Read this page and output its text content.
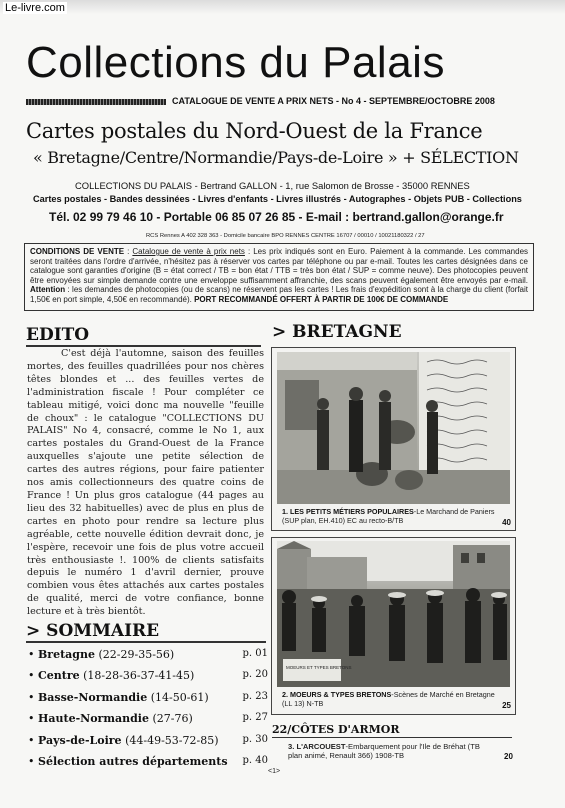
Le-livre.com
Collections du Palais
CATALOGUE DE VENTE A PRIX NETS - No 4 - SEPTEMBRE/OCTOBRE 2008
Cartes postales du Nord-Ouest de la France
« Bretagne/Centre/Normandie/Pays-de-Loire » + SÉLECTION
COLLECTIONS DU PALAIS - Bertrand GALLON - 1, rue Salomon de Brosse - 35000 RENNES
Cartes postales - Bandes dessinées - Livres d'enfants - Livres illustrés - Autographes - Objets PUB - Collections
Tél. 02 99 79 46 10 - Portable 06 85 07 26 85 - E-mail : bertrand.gallon@orange.fr
RCS Rennes A 402 328 363 - Domicile bancaire BPO RENNES CENTRE 16707 / 00010 / 10021180322 / 27
CONDITIONS DE VENTE : Catalogue de vente à prix nets : Les prix indiqués sont en Euro. Paiement à la commande. Les commandes seront traitées dans l'ordre d'arrivée, n'hésitez pas à réserver vos cartes par téléphone ou par e-mail. Toutes les cartes désignées dans ce catalogue sont garanties d'origine (B = état correct / TB = bon état / TTB = très bon état / SUP = comme neuve). Des photocopies peuvent être envoyées sur simple demande contre une enveloppe suffisamment affranchie, des scans peuvent également être envoyés par e-mail. Attention : les demandes de photocopies (ou de scans) ne réservent pas les cartes ! Les frais d'expédition sont à la charge du client (forfait 1,50€ en port simple, 4,50€ en recommandé). PORT RECOMMANDÉ OFFERT À PARTIR DE 100€ DE COMMANDE
EDITO

C'est déjà l'automne, saison des feuilles mortes, des feuilles quadrillées pour nos chères têtes blondes et ... des feuilles vertes de l'administration fiscale ! Pour compléter ce tableau mitigé, voici donc ma nouvelle "feuille de choux" : le catalogue "COLLECTIONS DU PALAIS" No 4, consacré, comme le No 1, aux cartes postales du Grand-Ouest de la France auxquelles s'ajoute une petite sélection de cartes des autres régions, pour faire patienter nos amis collectionneurs des quatre coins de France ! Un plus gros catalogue (44 pages au lieu des 32 habituelles) avec de plus en plus de cartes en photo pour rendre sa lecture plus agréable, cette nouvelle édition devrait donc, je l'espère, recevoir une fois de plus votre accueil très enthousiaste !. 100% de clients satisfaits depuis le numéro 1 d'avril dernier, prouve combien vous êtes attachés aux cartes postales de qualité, merci de votre confiance, bonne lecture et à très bientôt.

> SOMMAIRE
• Bretagne (22-29-35-56)	p. 01
• Centre (18-28-36-37-41-45)	p. 20
• Basse-Normandie (14-50-61)	p. 23
• Haute-Normandie (27-76)	p. 27
• Pays-de-Loire (44-49-53-72-85) p. 30
• Sélection autres départements p. 40
> BRETAGNE
1. LES PETITS MÉTIERS POPULAIRES-Le Marchand de Paniers (SUP plan, EH.410) EC au recto-B/TB	40
MOEURS ET TYPES BRETONS
2. MOEURS & TYPES BRETONS-Scènes de Marché en Bretagne (LL 13) N-TB	25
22/CÔTES D'ARMOR
3. L'ARCOUEST-Embarquement pour l'Ile de Bréhat (TB plan animé, Renault 366) 1908-TB	20
<1>
